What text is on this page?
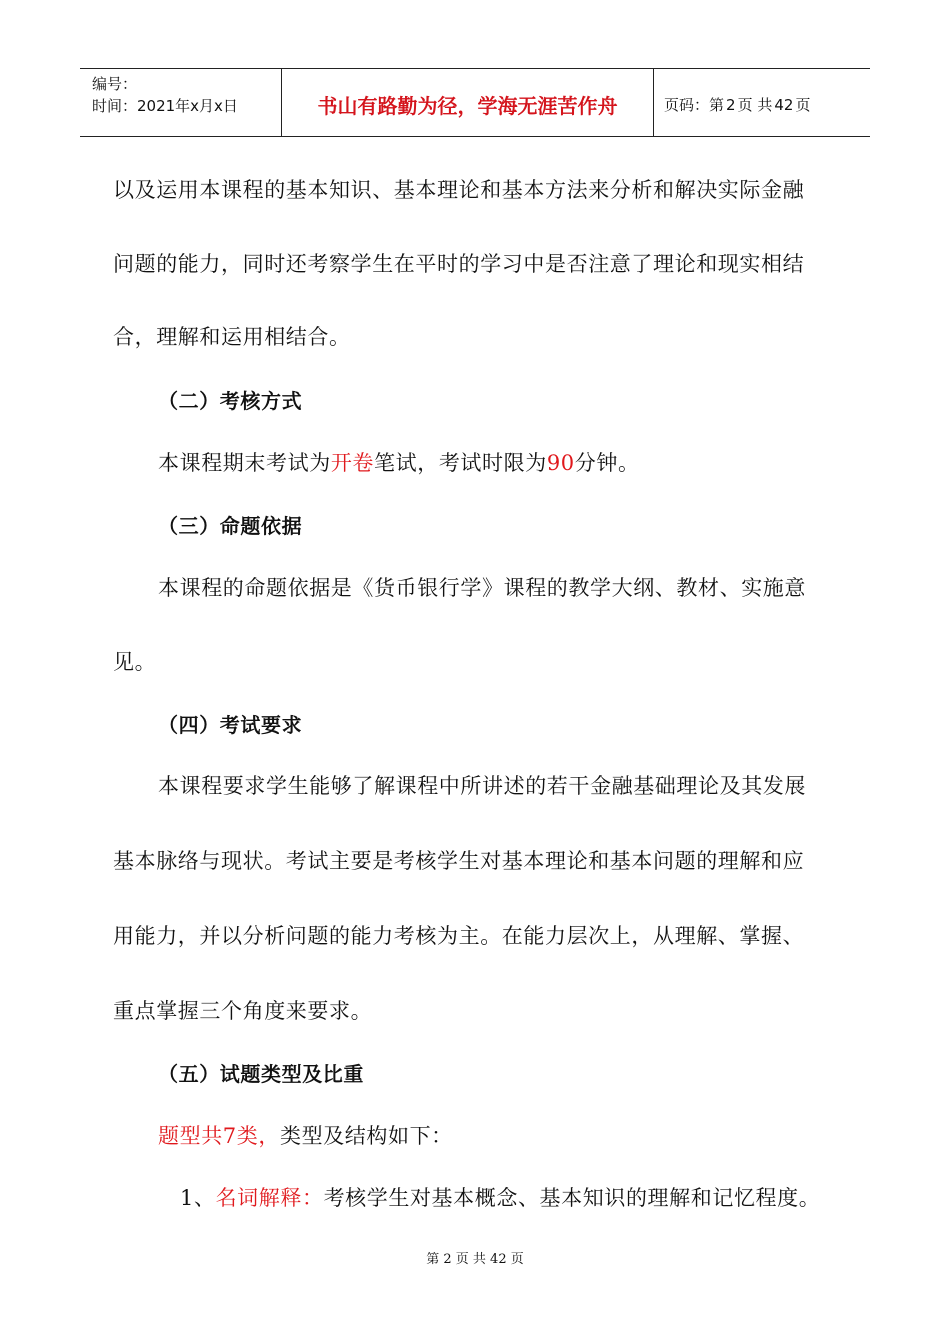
编号：
时间：2021年x月x日	书山有路勤为径，学海无涯苦作舟	页码：第 2 页 共 42 页
以及运用本课程的基本知识、基本理论和基本方法来分析和解决实际金融
问题的能力，同时还考察学生在平时的学习中是否注意了理论和现实相结
合，理解和运用相结合。
（二）考核方式
本课程期末考试为开卷笔试，考试时限为90分钟。
（三）命题依据
本课程的命题依据是《货币银行学》课程的教学大纲、教材、实施意
见。
（四）考试要求
本课程要求学生能够了解课程中所讲述的若干金融基础理论及其发展
基本脉络与现状。考试主要是考核学生对基本理论和基本问题的理解和应
用能力，并以分析问题的能力考核为主。在能力层次上，从理解、掌握、
重点掌握三个角度来要求。
（五）试题类型及比重
题型共7类，类型及结构如下：
1、名词解释：考核学生对基本概念、基本知识的理解和记忆程度。
第 2 页 共 42 页
